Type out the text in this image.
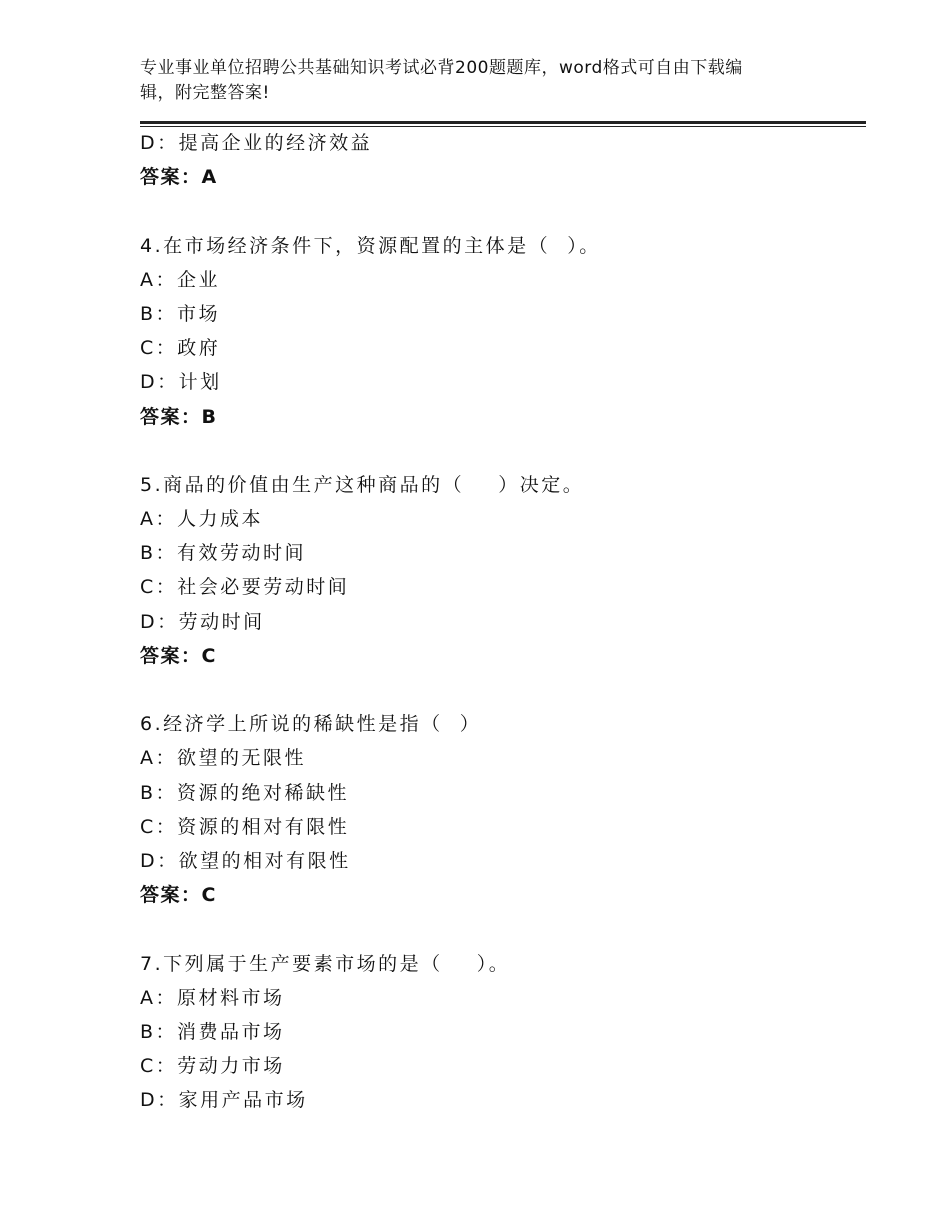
专业事业单位招聘公共基础知识考试必背200题题库，word格式可自由下载编
辑，附完整答案!
D：提高企业的经济效益
答案：A
4.在市场经济条件下，资源配置的主体是（  ）。
A：企业
B：市场
C：政府
D：计划
答案：B
5.商品的价值由生产这种商品的（    ）决定。
A：人力成本
B：有效劳动时间
C：社会必要劳动时间
D：劳动时间
答案：C
6.经济学上所说的稀缺性是指（  ）
A：欲望的无限性
B：资源的绝对稀缺性
C：资源的相对有限性
D：欲望的相对有限性
答案：C
7.下列属于生产要素市场的是（    ）。
A：原材料市场
B：消费品市场
C：劳动力市场
D：家用产品市场
